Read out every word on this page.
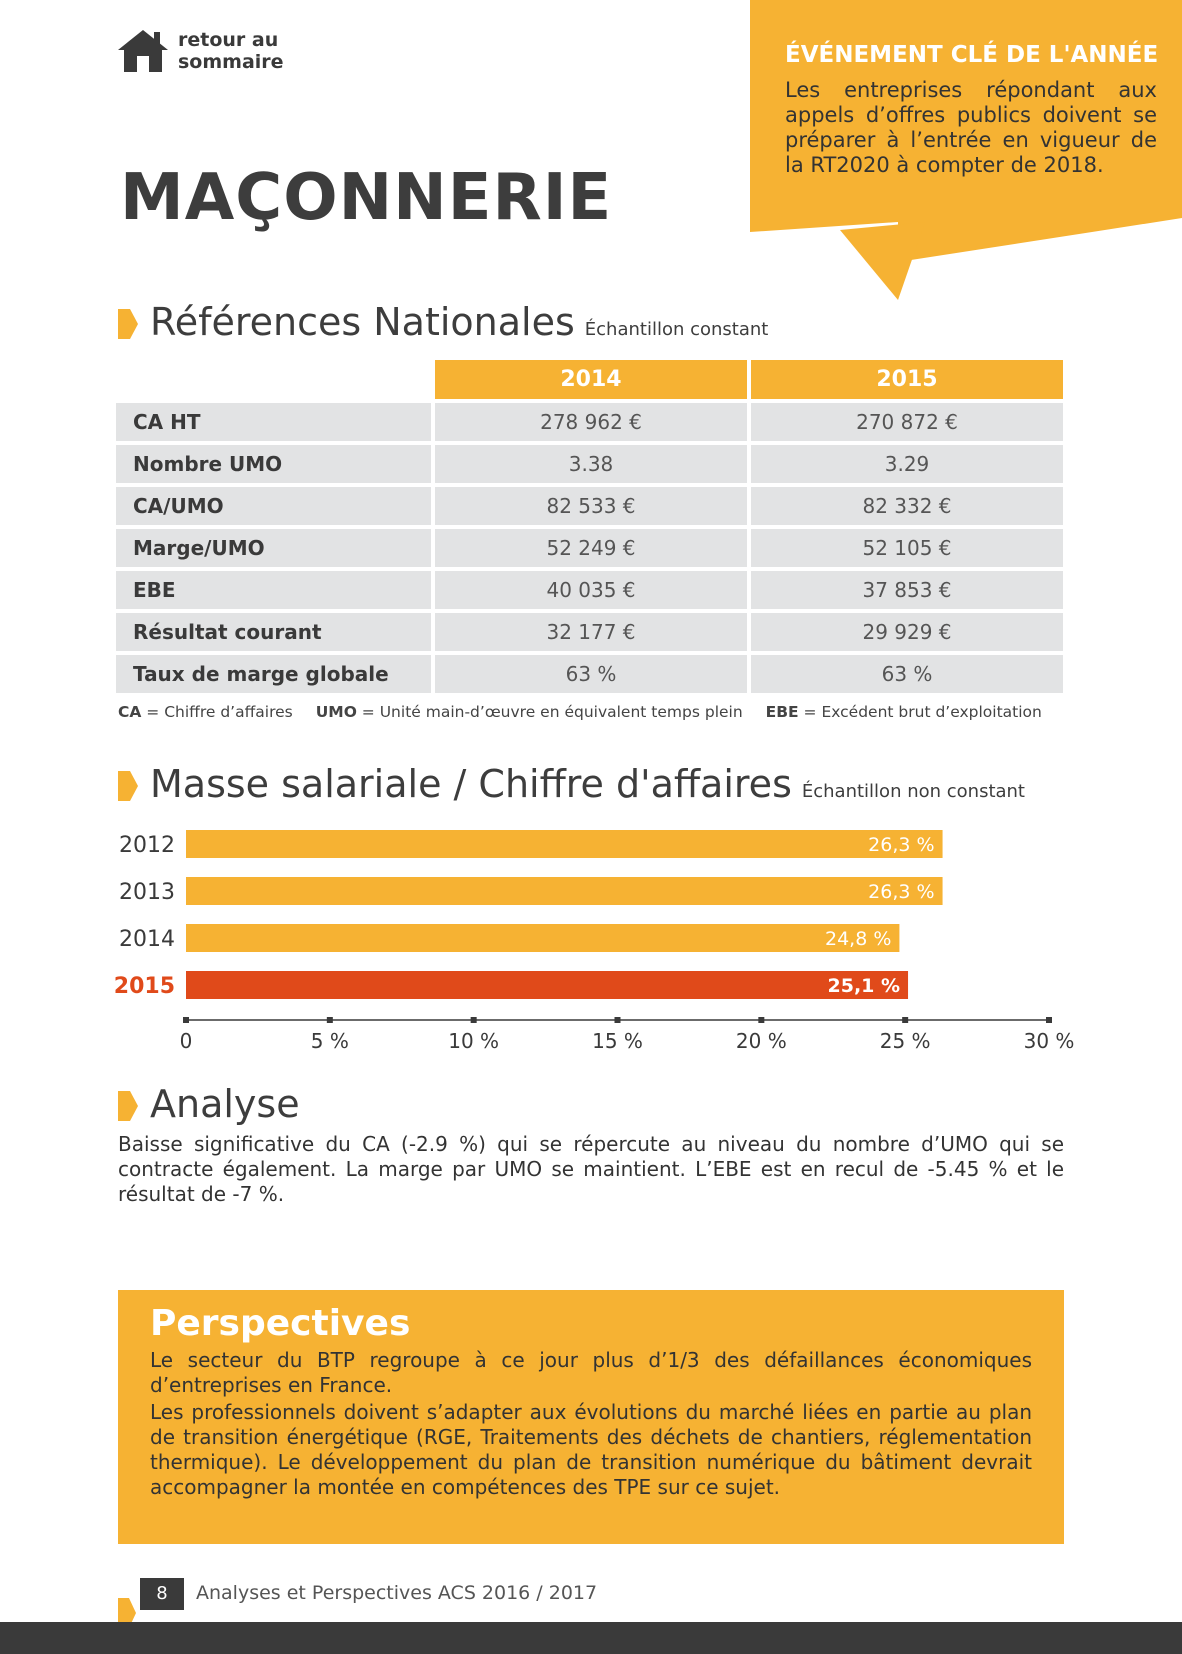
retour au sommaire
MAÇONNERIE
ÉVÉNEMENT CLÉ DE L'ANNÉE

Les entreprises répondant aux appels d’offres publics doivent se préparer à l’entrée en vigueur de la RT2020 à compter de 2018.

Références Nationales Échantillon constant
	2014	2015
CA HT	278 962 €	270 872 €
Nombre UMO	3.38	3.29
CA/UMO	82 533 €	82 332 €
Marge/UMO	52 249 €	52 105 €
EBE	40 035 €	37 853 €
Résultat courant	32 177 €	29 929 €
Taux de marge globale	63 %	63 %
CA = Chiffre d’affaires UMO = Unité main-d’œuvre en équivalent temps plein EBE = Excédent brut d’exploitation
Masse salariale / Chiffre d'affaires Échantillon non constant
2012	26,3 %
2013	26,3 %
2014	24,8 %
2015	25,1 %
0	5 %	10 %	15 %	20 %	25 %	30 %
Analyse

Baisse significative du CA (-2.9 %) qui se répercute au niveau du nombre d’UMO qui se contracte également. La marge par UMO se maintient. L’EBE est en recul de -5.45 % et le résultat de -7 %.

Perspectives

Le secteur du BTP regroupe à ce jour plus d’1/3 des défaillances économiques d’entreprises en France.

Les professionnels doivent s’adapter aux évolutions du marché liées en partie au plan de transition énergétique (RGE, Traitements des déchets de chantiers, réglementation thermique). Le développement du plan de transition numérique du bâtiment devrait accompagner la montée en compétences des TPE sur ce sujet.

8	Analyses et Perspectives ACS 2016 / 2017
